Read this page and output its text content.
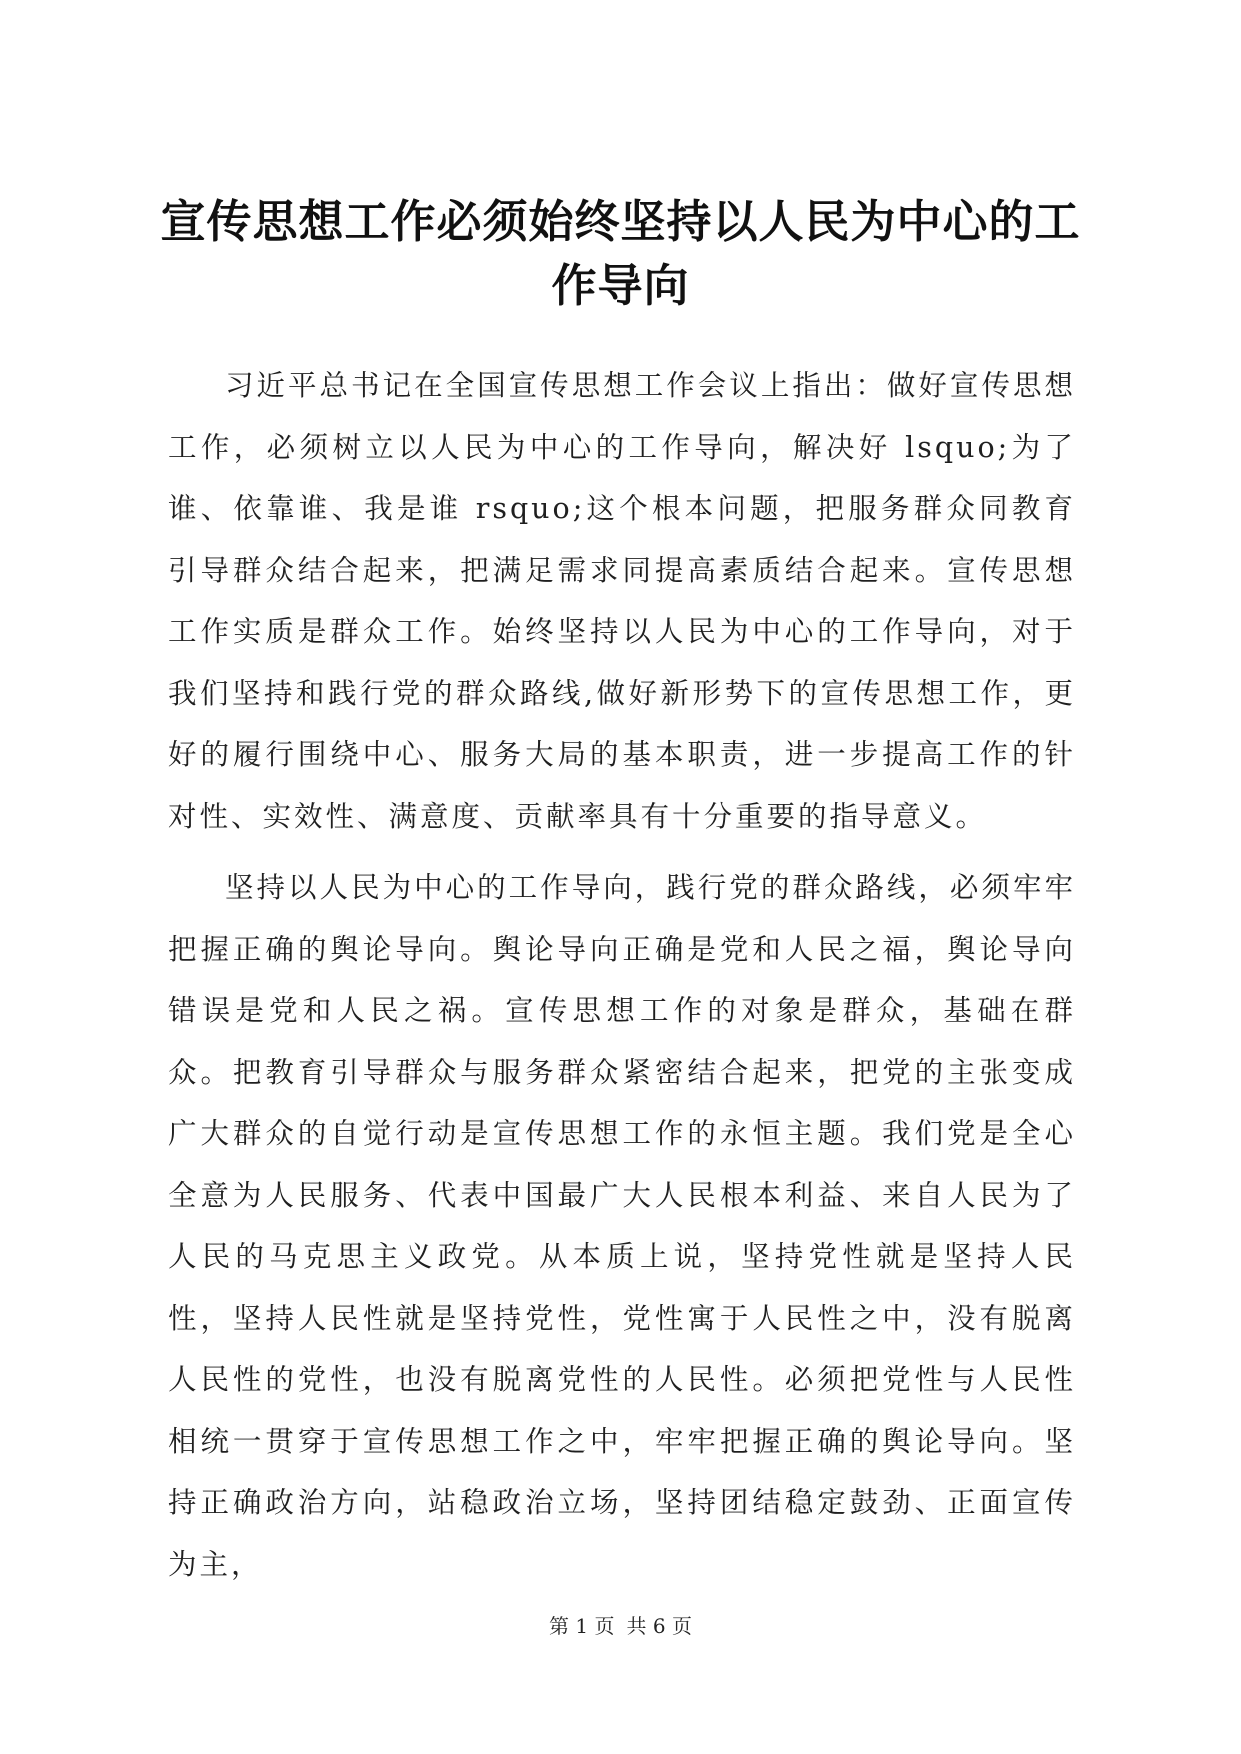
宣传思想工作必须始终坚持以人民为中心的工作导向

习近平总书记在全国宣传思想工作会议上指出：做好宣传思想工作，必须树立以人民为中心的工作导向，解决好 lsquo;为了谁、依靠谁、我是谁 rsquo;这个根本问题，把服务群众同教育引导群众结合起来，把满足需求同提高素质结合起来。宣传思想工作实质是群众工作。始终坚持以人民为中心的工作导向，对于我们坚持和践行党的群众路线,做好新形势下的宣传思想工作，更好的履行围绕中心、服务大局的基本职责，进一步提高工作的针对性、实效性、满意度、贡献率具有十分重要的指导意义。

坚持以人民为中心的工作导向，践行党的群众路线，必须牢牢把握正确的舆论导向。舆论导向正确是党和人民之福，舆论导向错误是党和人民之祸。宣传思想工作的对象是群众，基础在群众。把教育引导群众与服务群众紧密结合起来，把党的主张变成广大群众的自觉行动是宣传思想工作的永恒主题。我们党是全心全意为人民服务、代表中国最广大人民根本利益、来自人民为了人民的马克思主义政党。从本质上说，坚持党性就是坚持人民性，坚持人民性就是坚持党性，党性寓于人民性之中，没有脱离人民性的党性，也没有脱离党性的人民性。必须把党性与人民性相统一贯穿于宣传思想工作之中，牢牢把握正确的舆论导向。坚持正确政治方向，站稳政治立场，坚持团结稳定鼓劲、正面宣传为主，

第 1 页 共 6 页
